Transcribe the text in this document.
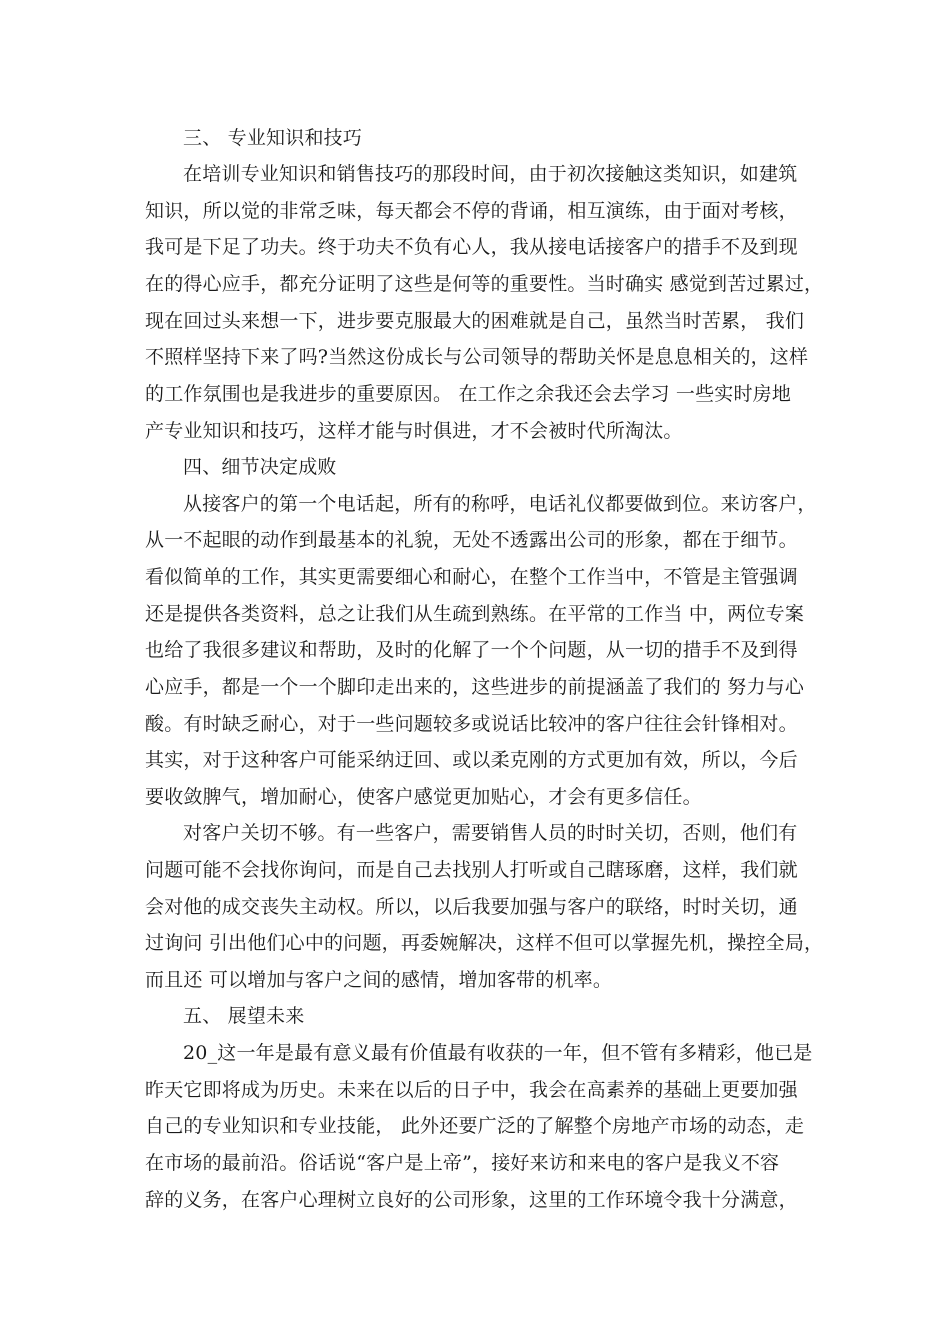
三、 专业知识和技巧
在培训专业知识和销售技巧的那段时间，由于初次接触这类知识，如建筑
知识，所以觉的非常乏味，每天都会不停的背诵，相互演练，由于面对考核，
我可是下足了功夫。终于功夫不负有心人，我从接电话接客户的措手不及到现
在的得心应手，都充分证明了这些是何等的重要性。当时确实 感觉到苦过累过，
现在回过头来想一下，进步要克服最大的困难就是自己，虽然当时苦累， 我们
不照样坚持下来了吗?当然这份成长与公司领导的帮助关怀是息息相关的，这样
的工作氛围也是我进步的重要原因。 在工作之余我还会去学习 一些实时房地
产专业知识和技巧，这样才能与时俱进，才不会被时代所淘汰。
四、细节决定成败
从接客户的第一个电话起，所有的称呼，电话礼仪都要做到位。来访客户，
从一不起眼的动作到最基本的礼貌，无处不透露出公司的形象，都在于细节。
看似简单的工作，其实更需要细心和耐心，在整个工作当中，不管是主管强调
还是提供各类资料，总之让我们从生疏到熟练。在平常的工作当 中，两位专案
也给了我很多建议和帮助，及时的化解了一个个问题，从一切的措手不及到得
心应手，都是一个一个脚印走出来的，这些进步的前提涵盖了我们的 努力与心
酸。有时缺乏耐心，对于一些问题较多或说话比较冲的客户往往会针锋相对。
其实，对于这种客户可能采纳迂回、或以柔克刚的方式更加有效，所以，今后
要收敛脾气，增加耐心，使客户感觉更加贴心，才会有更多信任。
对客户关切不够。有一些客户，需要销售人员的时时关切，否则，他们有
问题可能不会找你询问，而是自己去找别人打听或自己瞎琢磨，这样，我们就
会对他的成交丧失主动权。所以，以后我要加强与客户的联络，时时关切，通
过询问 引出他们心中的问题，再委婉解决，这样不但可以掌握先机，操控全局，
而且还 可以增加与客户之间的感情，增加客带的机率。
五、 展望未来
20_这一年是最有意义最有价值最有收获的一年，但不管有多精彩，他已是
昨天它即将成为历史。未来在以后的日子中，我会在高素养的基础上更要加强
自己的专业知识和专业技能， 此外还要广泛的了解整个房地产市场的动态，走
在市场的最前沿。俗话说“客户是上帝”，接好来访和来电的客户是我义不容
辞的义务，在客户心理树立良好的公司形象，这里的工作环境令我十分满意，
